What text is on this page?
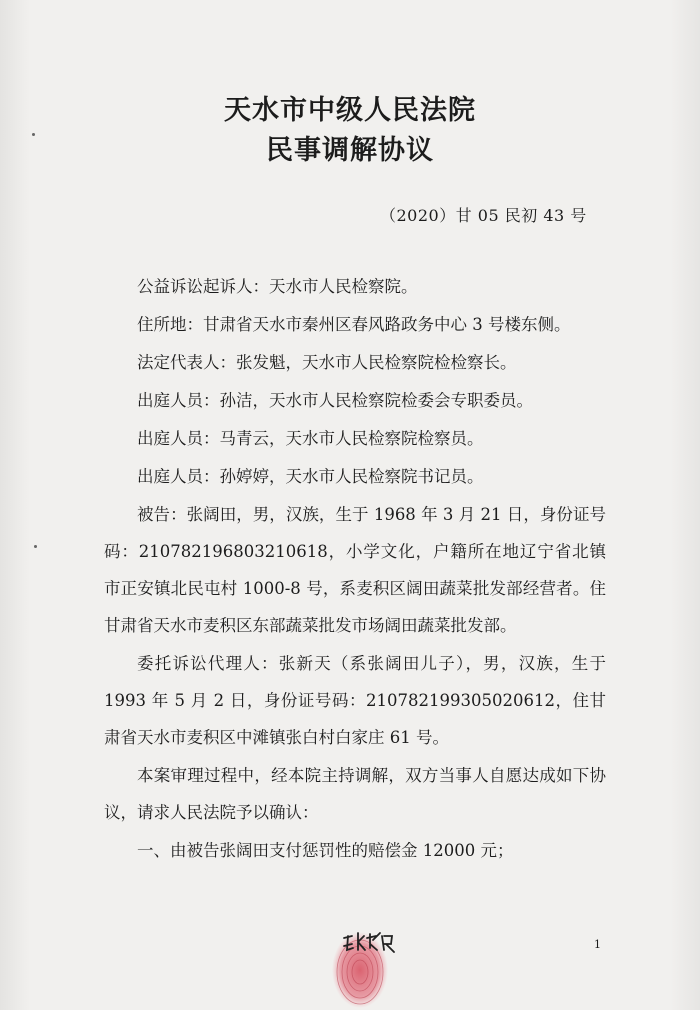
天水市中级人民法院
民事调解协议

（2020）甘 05 民初 43 号

公益诉讼起诉人：天水市人民检察院。

住所地：甘肃省天水市秦州区春风路政务中心 3 号楼东侧。

法定代表人：张发魁，天水市人民检察院检检察长。

出庭人员：孙洁，天水市人民检察院检委会专职委员。

出庭人员：马青云，天水市人民检察院检察员。

出庭人员：孙婷婷，天水市人民检察院书记员。

被告：张阔田，男，汉族，生于 1968 年 3 月 21 日，身份证号码：210782196803210618，小学文化，户籍所在地辽宁省北镇市正安镇北民屯村 1000-8 号，系麦积区阔田蔬菜批发部经营者。住甘肃省天水市麦积区东部蔬菜批发市场阔田蔬菜批发部。

委托诉讼代理人：张新天（系张阔田儿子），男，汉族，生于 1993 年 5 月 2 日，身份证号码：210782199305020612，住甘肃省天水市麦积区中滩镇张白村白家庄 61 号。

本案审理过程中，经本院主持调解，双方当事人自愿达成如下协议，请求人民法院予以确认：

一、由被告张阔田支付惩罚性的赔偿金 12000 元；

1
